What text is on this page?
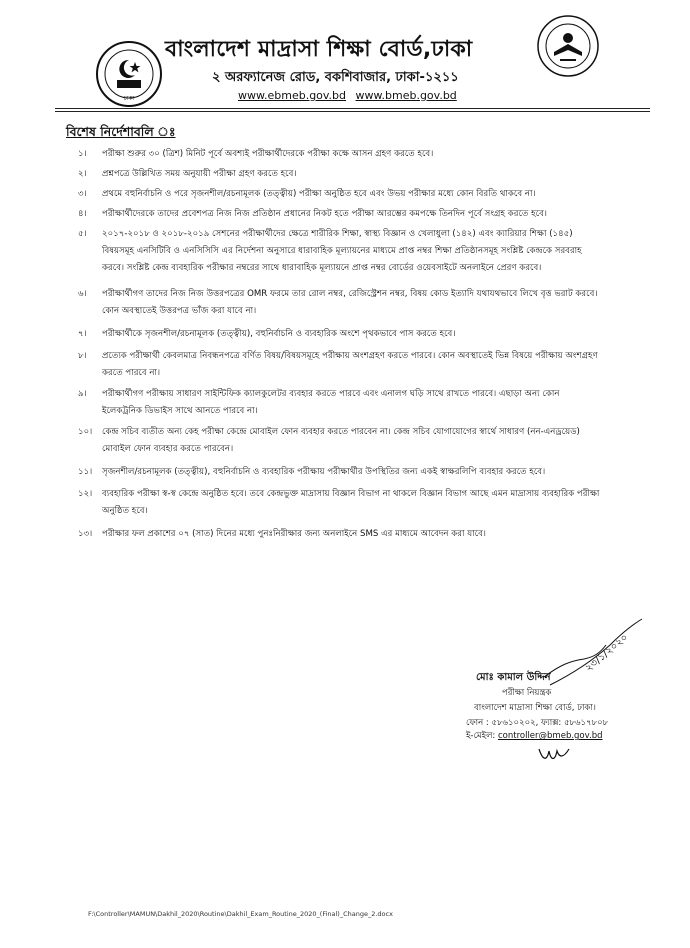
ঢাকা
বাংলাদেশ মাদ্রাসা শিক্ষা বোর্ড,ঢাকা
২ অরফ্যানেজ রোড, বকশিবাজার, ঢাকা-১২১১
www.ebmeb.gov.bd www.bmeb.gov.bd
বিশেষ নির্দেশাবলি ঃ
১।	পরীক্ষা শুরুর ৩০ (ত্রিশ) মিনিট পূর্বে অবশ্যই পরীক্ষার্থীদেরকে পরীক্ষা কক্ষে আসন গ্রহণ করতে হবে।
২।	প্রশ্নপত্রে উল্লিখিত সময় অনুযায়ী পরীক্ষা গ্রহণ করতে হবে।
৩।	প্রথমে বহুনির্বাচনি ও পরে সৃজনশীল/রচনামূলক (তত্ত্বীয়) পরীক্ষা অনুষ্ঠিত হবে এবং উভয় পরীক্ষার মধ্যে কোন বিরতি থাকবে না।
৪।	পরীক্ষার্থীদেরকে তাদের প্রবেশপত্র নিজ নিজ প্রতিষ্ঠান প্রধানের নিকট হতে পরীক্ষা আরম্ভের কমপক্ষে তিনদিন পূর্বে সংগ্রহ করতে হবে।
৫।	২০১৭-২০১৮ ও ২০১৮-২০১৯ সেশনের পরীক্ষার্থীদের ক্ষেত্রে শারীরিক শিক্ষা, স্বাস্থ্য বিজ্ঞান ও খেলাধুলা (১৪২) এবং ক্যারিয়ার শিক্ষা (১৪৫) বিষয়সমূহ এনসিটিবি ও এনসিসিসি এর নির্দেশনা অনুসারে ধারাবাহিক মূল্যায়নের মাধ্যমে প্রাপ্ত নম্বর শিক্ষা প্রতিষ্ঠানসমূহ সংশ্লিষ্ট কেন্দ্রকে সরবরাহ করবে। সংশ্লিষ্ট কেন্দ্র ব্যবহারিক পরীক্ষার নম্বরের সাথে ধারাবাহিক মূল্যায়নে প্রাপ্ত নম্বর বোর্ডের ওয়েবসাইটে অনলাইনে প্রেরণ করবে।
৬।	পরীক্ষার্থীগণ তাদের নিজ নিজ উত্তরপত্রের OMR ফরমে তার রোল নম্বর, রেজিস্ট্রেশন নম্বর, বিষয় কোড ইত্যাদি যথাযথভাবে লিখে বৃত্ত ভরাট করবে। কোন অবস্থাতেই উত্তরপত্র ভাঁজ করা যাবে না।
৭।	পরীক্ষার্থীকে সৃজনশীল/রচনামূলক (তত্ত্বীয়), বহুনির্বাচনি ও ব্যবহারিক অংশে পৃথকভাবে পাস করতে হবে।
৮।	প্রত্যেক পরীক্ষার্থী কেবলমাত্র নিবন্ধনপত্রে বর্ণিত বিষয়/বিষয়সমূহে পরীক্ষায় অংশগ্রহণ করতে পারবে। কোন অবস্থাতেই ভিন্ন বিষয়ে পরীক্ষায় অংশগ্রহণ করতে পারবে না।
৯।	পরীক্ষার্থীগণ পরীক্ষায় সাধারণ সাইন্টিফিক ক্যালকুলেটর ব্যবহার করতে পারবে এবং এনালগ ঘড়ি সাথে রাখতে পারবে। এছাড়া অন্য কোন ইলেকট্রনিক ডিভাইস সাথে আনতে পারবে না।
১০।	কেন্দ্র সচিব ব্যতীত অন্য কেহ পরীক্ষা কেন্দ্রে মোবাইল ফোন ব্যবহার করতে পারবেন না। কেন্দ্র সচিব যোগাযোগের স্বার্থে সাধারণ (নন-এনড্রয়েড) মোবাইল ফোন ব্যবহার করতে পারবেন।
১১।	সৃজনশীল/রচনামূলক (তত্ত্বীয়), বহুনির্বাচনি ও ব্যবহারিক পরীক্ষায় পরীক্ষার্থীর উপস্থিতির জন্য একই স্বাক্ষরলিপি ব্যবহার করতে হবে।
১২।	ব্যবহারিক পরীক্ষা স্ব-স্ব কেন্দ্রে অনুষ্ঠিত হবে। তবে কেন্দ্রভুক্ত মাদ্রাসায় বিজ্ঞান বিভাগ না থাকলে বিজ্ঞান বিভাগ আছে এমন মাদ্রাসায় ব্যবহারিক পরীক্ষা অনুষ্ঠিত হবে।
১৩।	পরীক্ষার ফল প্রকাশের ০৭ (সাত) দিনের মধ্যে পুনঃনিরীক্ষার জন্য অনলাইনে SMS এর মাধ্যমে আবেদন করা যাবে।
২৩/১/২০২০
মোঃ কামাল উদ্দিন
পরীক্ষা নিয়ন্ত্রক
বাংলাদেশ মাদ্রাসা শিক্ষা বোর্ড, ঢাকা।
ফোন : ৫৮৬১০২০২, ফ্যাক্স: ৫৮৬১৭৮০৮
ই-মেইল: controller@bmeb.gov.bd
F:\Controller\MAMUN\Dakhil_2020\Routine\Dakhil_Exam_Routine_2020_(Final)_Change_2.docx
